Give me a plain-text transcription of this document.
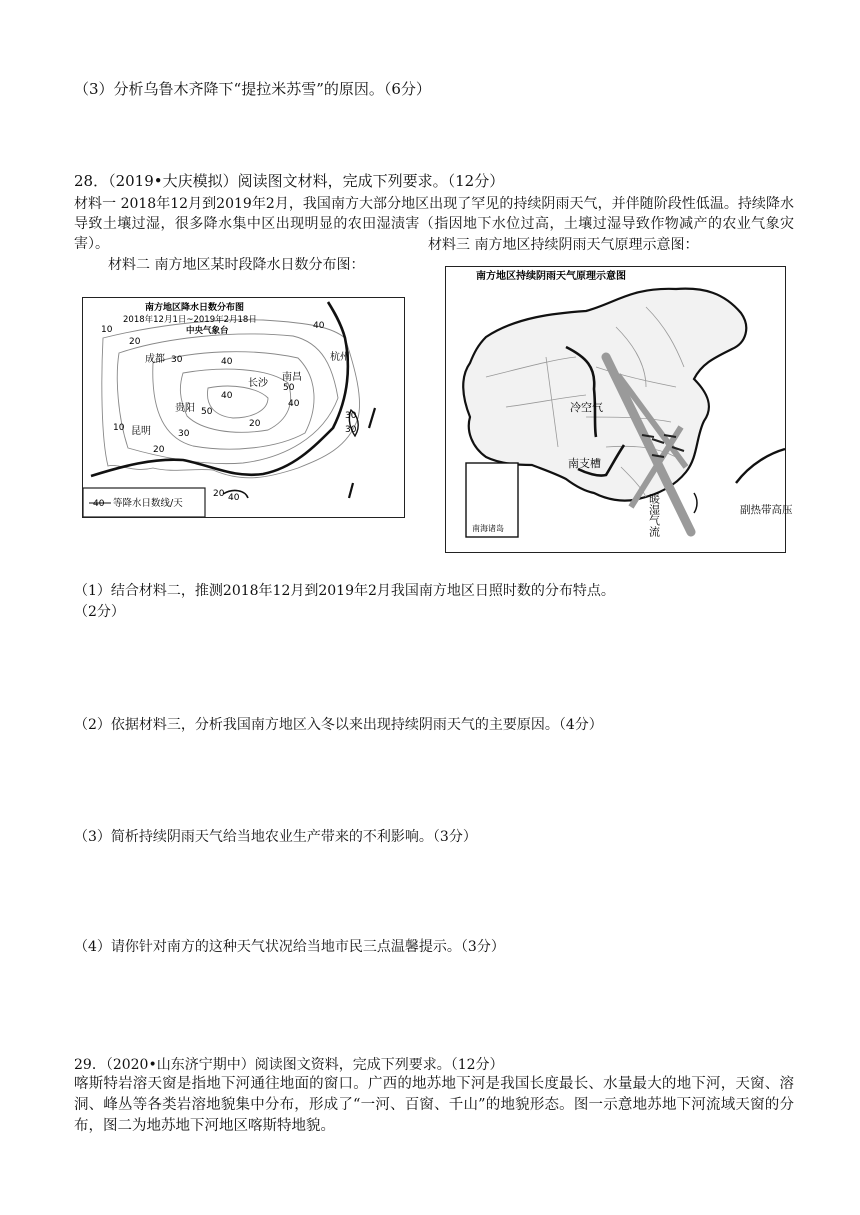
（3）分析乌鲁木齐降下“提拉米苏雪”的原因。（6分）
28．（2019•大庆模拟）阅读图文材料，完成下列要求。（12分）
材料一 2018年12月到2019年2月，我国南方大部分地区出现了罕见的持续阴雨天气，并伴随阶段性低温。持续降水导致土壤过湿，很多降水集中区出现明显的农田湿渍害（指因地下水位过高，土壤过湿导致作物减产的农业气象灾害）。	材料三 南方地区持续阴雨天气原理示意图：
材料二 南方地区某时段降水日数分布图：
南方地区降水日数分布图
2018年12月1日~2019年2月18日
中央气象台
成都	杭州
南昌
长沙
贵阳
昆明
10
20
30	40
40
50
40
50
40
30
20
10
30
20
30
20 40
40 等降水日数线/天
南方地区持续阴雨天气原理示意图
冷空气
南支槽
暖湿气流	副热带高压
南海诸岛
（1）结合材料二，推测2018年12月到2019年2月我国南方地区日照时数的分布特点。
（2分）
（2）依据材料三，分析我国南方地区入冬以来出现持续阴雨天气的主要原因。（4分）
（3）简析持续阴雨天气给当地农业生产带来的不利影响。（3分）
（4）请你针对南方的这种天气状况给当地市民三点温馨提示。（3分）
29．（2020•山东济宁期中）阅读图文资料，完成下列要求。（12分）
喀斯特岩溶天窗是指地下河通往地面的窗口。广西的地苏地下河是我国长度最长、水量最大的地下河，天窗、溶洞、峰丛等各类岩溶地貌集中分布，形成了“一河、百窗、千山”的地貌形态。图一示意地苏地下河流域天窗的分布，图二为地苏地下河地区喀斯特地貌。
